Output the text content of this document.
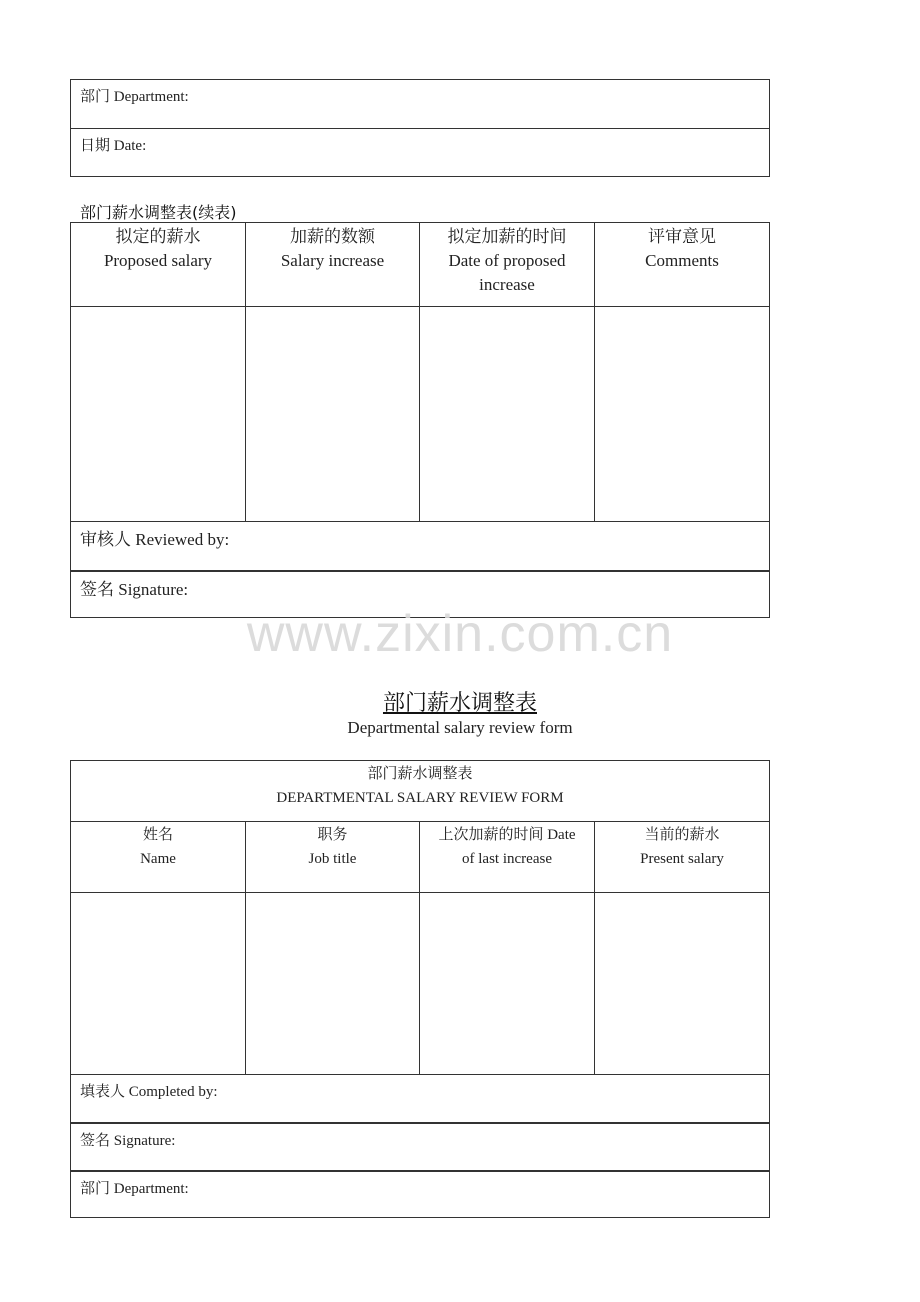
部门 Department:
日期 Date:
部门薪水调整表(续表)
拟定的薪水
Proposed salary
加薪的数额
Salary increase
拟定加薪的时间
Date of proposed
increase
评审意见
Comments
审核人 Reviewed by:
签名 Signature:
www.zixin.com.cn
部门薪水调整表
Departmental salary review form
部门薪水调整表
DEPARTMENTAL SALARY REVIEW FORM
姓名
Name
职务
Job title
上次加薪的时间 Date
of last increase
当前的薪水
Present salary
填表人 Completed by:
签名 Signature:
部门 Department:
